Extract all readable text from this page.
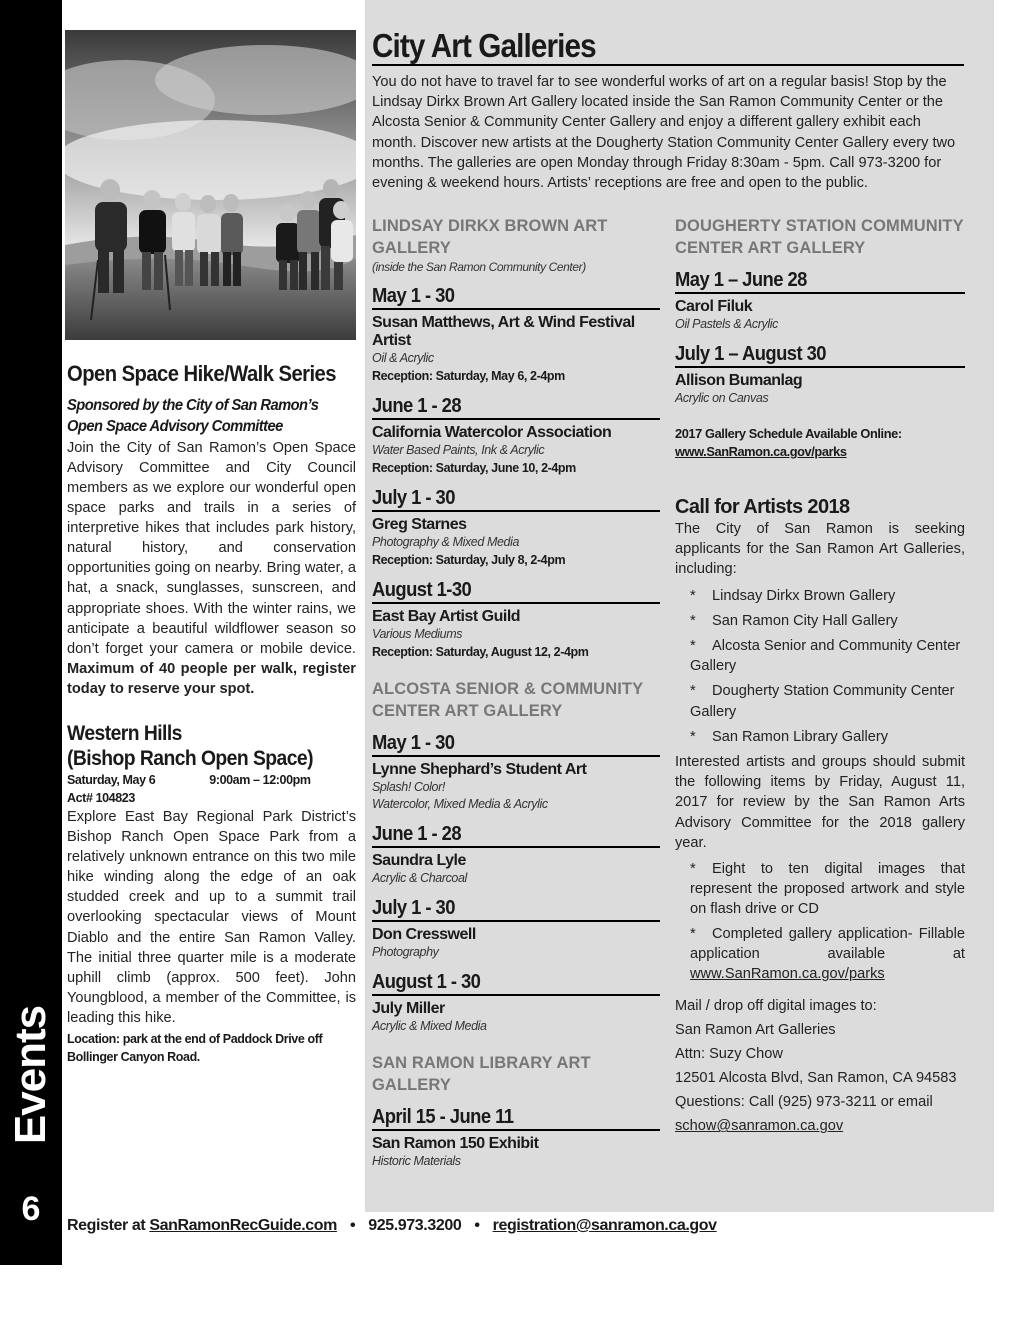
Events
6
Open Space Hike/Walk Series
Sponsored by the City of San Ramon’s
Open Space Advisory Committee

Join the City of San Ramon’s Open Space Advisory Committee and City Council members as we explore our wonderful open space parks and trails in a series of interpretive hikes that includes park history, natural history, and conservation opportunities going on nearby. Bring water, a hat, a snack, sunglasses, sunscreen, and appropriate shoes. With the winter rains, we anticipate a beautiful wildflower season so don’t forget your camera or mobile device. Maximum of 40 people per walk, register today to reserve your spot.

Western Hills
(Bishop Ranch Open Space)
Saturday, May 6	9:00am – 12:00pm
Act# 104823

Explore East Bay Regional Park District’s Bishop Ranch Open Space Park from a relatively unknown entrance on this two mile hike winding along the edge of an oak studded creek and up to a summit trail overlooking spectacular views of Mount Diablo and the entire San Ramon Valley. The initial three quarter mile is a moderate uphill climb (approx. 500 feet). John Youngblood, a member of the Committee, is leading this hike.

Location: park at the end of Paddock Drive off Bollinger Canyon Road.
City Art Galleries

You do not have to travel far to see wonderful works of art on a regular basis! Stop by the Lindsay Dirkx Brown Art Gallery located inside the San Ramon Community Center or the Alcosta Senior & Community Center Gallery and enjoy a different gallery exhibit each month. Discover new artists at the Dougherty Station Community Center Gallery every two months. The galleries are open Monday through Friday 8:30am - 5pm. Call 973-3200 for evening & weekend hours. Artists’ receptions are free and open to the public.

LINDSAY DIRKX BROWN ART GALLERY
(inside the San Ramon Community Center)
May 1 - 30
Susan Matthews, Art & Wind Festival Artist
Oil & Acrylic
Reception: Saturday, May 6, 2-4pm
June 1 - 28
California Watercolor Association
Water Based Paints, Ink & Acrylic
Reception: Saturday, June 10, 2-4pm
July 1 - 30
Greg Starnes
Photography & Mixed Media
Reception: Saturday, July 8, 2-4pm
August 1-30
East Bay Artist Guild
Various Mediums
Reception: Saturday, August 12, 2-4pm
ALCOSTA SENIOR & COMMUNITY CENTER ART GALLERY
May 1 - 30
Lynne Shephard’s Student Art
Splash! Color!
Watercolor, Mixed Media & Acrylic
June 1 - 28
Saundra Lyle
Acrylic & Charcoal
July 1 - 30
Don Cresswell
Photography
August 1 - 30
July Miller
Acrylic & Mixed Media
SAN RAMON LIBRARY ART GALLERY
April 15 - June 11
San Ramon 150 Exhibit
Historic Materials
DOUGHERTY STATION COMMUNITY CENTER ART GALLERY
May 1 – June 28
Carol Filuk
Oil Pastels & Acrylic
July 1 – August 30
Allison Bumanlag
Acrylic on Canvas
2017 Gallery Schedule Available Online:
www.SanRamon.ca.gov/parks
Call for Artists 2018

The City of San Ramon is seeking applicants for the San Ramon Art Galleries, including:

* Lindsay Dirkx Brown Gallery
* San Ramon City Hall Gallery
* Alcosta Senior and Community Center Gallery
* Dougherty Station Community Center Gallery
* San Ramon Library Gallery

Interested artists and groups should submit the following items by Friday, August 11, 2017 for review by the San Ramon Arts Advisory Committee for the 2018 gallery year.

* Eight to ten digital images that represent the proposed artwork and style on flash drive or CD
* Completed gallery application- Fillable application available at www.SanRamon.ca.gov/parks

Mail / drop off digital images to:

San Ramon Art Galleries

Attn: Suzy Chow

12501 Alcosta Blvd, San Ramon, CA 94583

Questions: Call (925) 973-3211 or email

schow@sanramon.ca.gov

Register at SanRamonRecGuide.com • 925.973.3200 • registration@sanramon.ca.gov
